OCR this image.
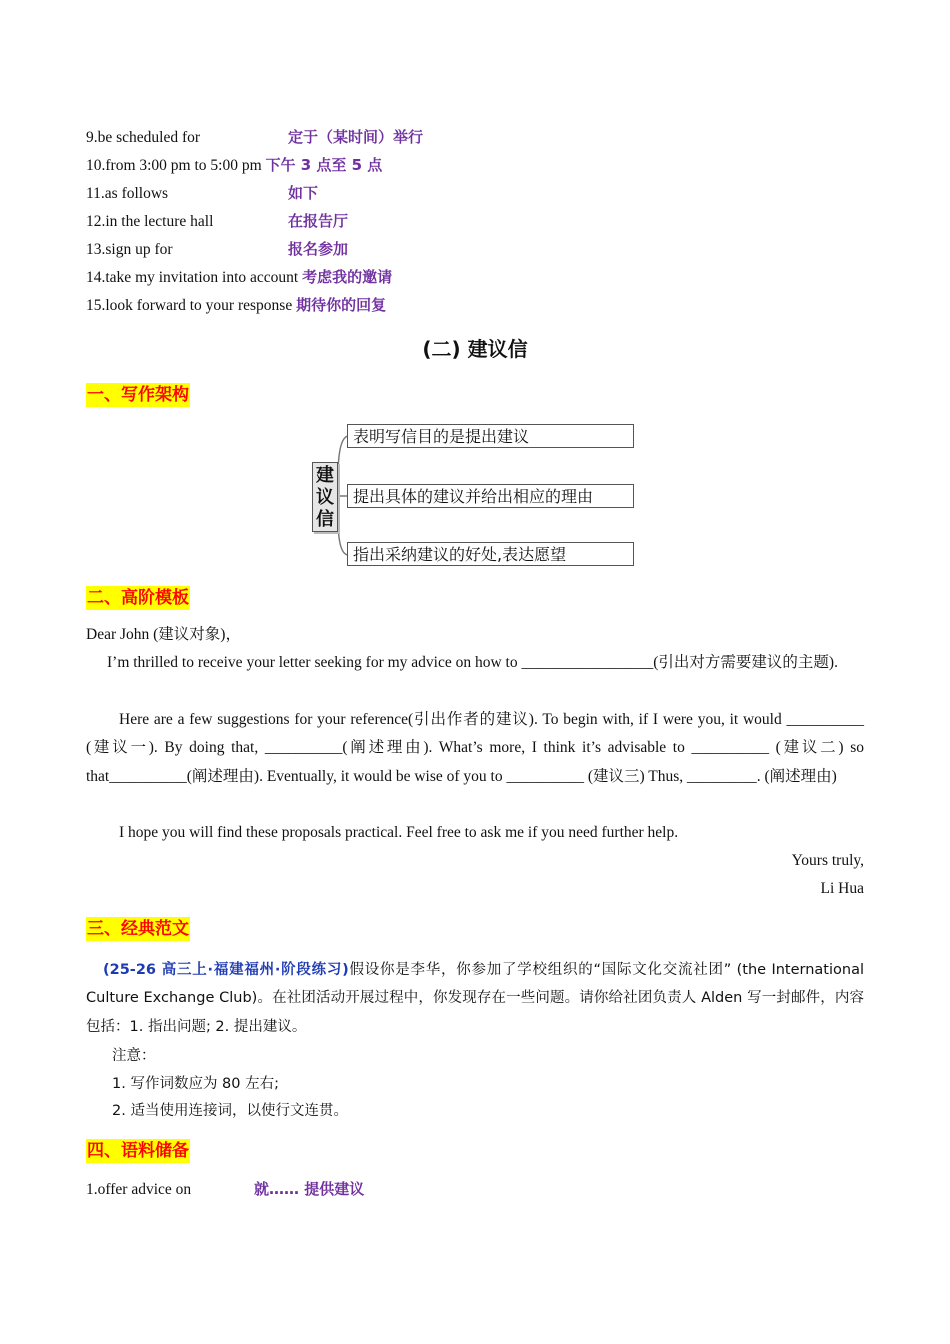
9.be scheduled for	定于（某时间）举行
10.from 3:00 pm to 5:00 pm 下午 3 点至 5 点
11.as follows	如下
12.in the lecture hall	在报告厅
13.sign up for	报名参加
14.take my invitation into account 考虑我的邀请
15.look forward to your response 期待你的回复
(二) 建议信
一、写作架构
建议信
表明写信目的是提出建议
提出具体的建议并给出相应的理由
指出采纳建议的好处,表达愿望
二、高阶模板
Dear John (建议对象)，
I’m thrilled to receive your letter seeking for my advice on how to _________________(引出对方需要建议的主题).
Here are a few suggestions for your reference(引出作者的建议). To begin with, if I were you, it would __________ (建议一). By doing that, __________(阐述理由). What’s more, I think it’s advisable to __________ (建议二) so that__________(阐述理由). Eventually, it would be wise of you to __________ (建议三) Thus, _________. (阐述理由)
I hope you will find these proposals practical. Feel free to ask me if you need further help.
Yours truly,
Li Hua
三、经典范文
(25-26 高三上·福建福州·阶段练习)假设你是李华，你参加了学校组织的“国际文化交流社团” (the International Culture Exchange Club)。在社团活动开展过程中，你发现存在一些问题。请你给社团负责人 Alden 写一封邮件，内容包括：1. 指出问题; 2. 提出建议。
注意：
1. 写作词数应为 80 左右;
2. 适当使用连接词，以使行文连贯。
四、语料储备
1.offer advice on	就…… 提供建议
